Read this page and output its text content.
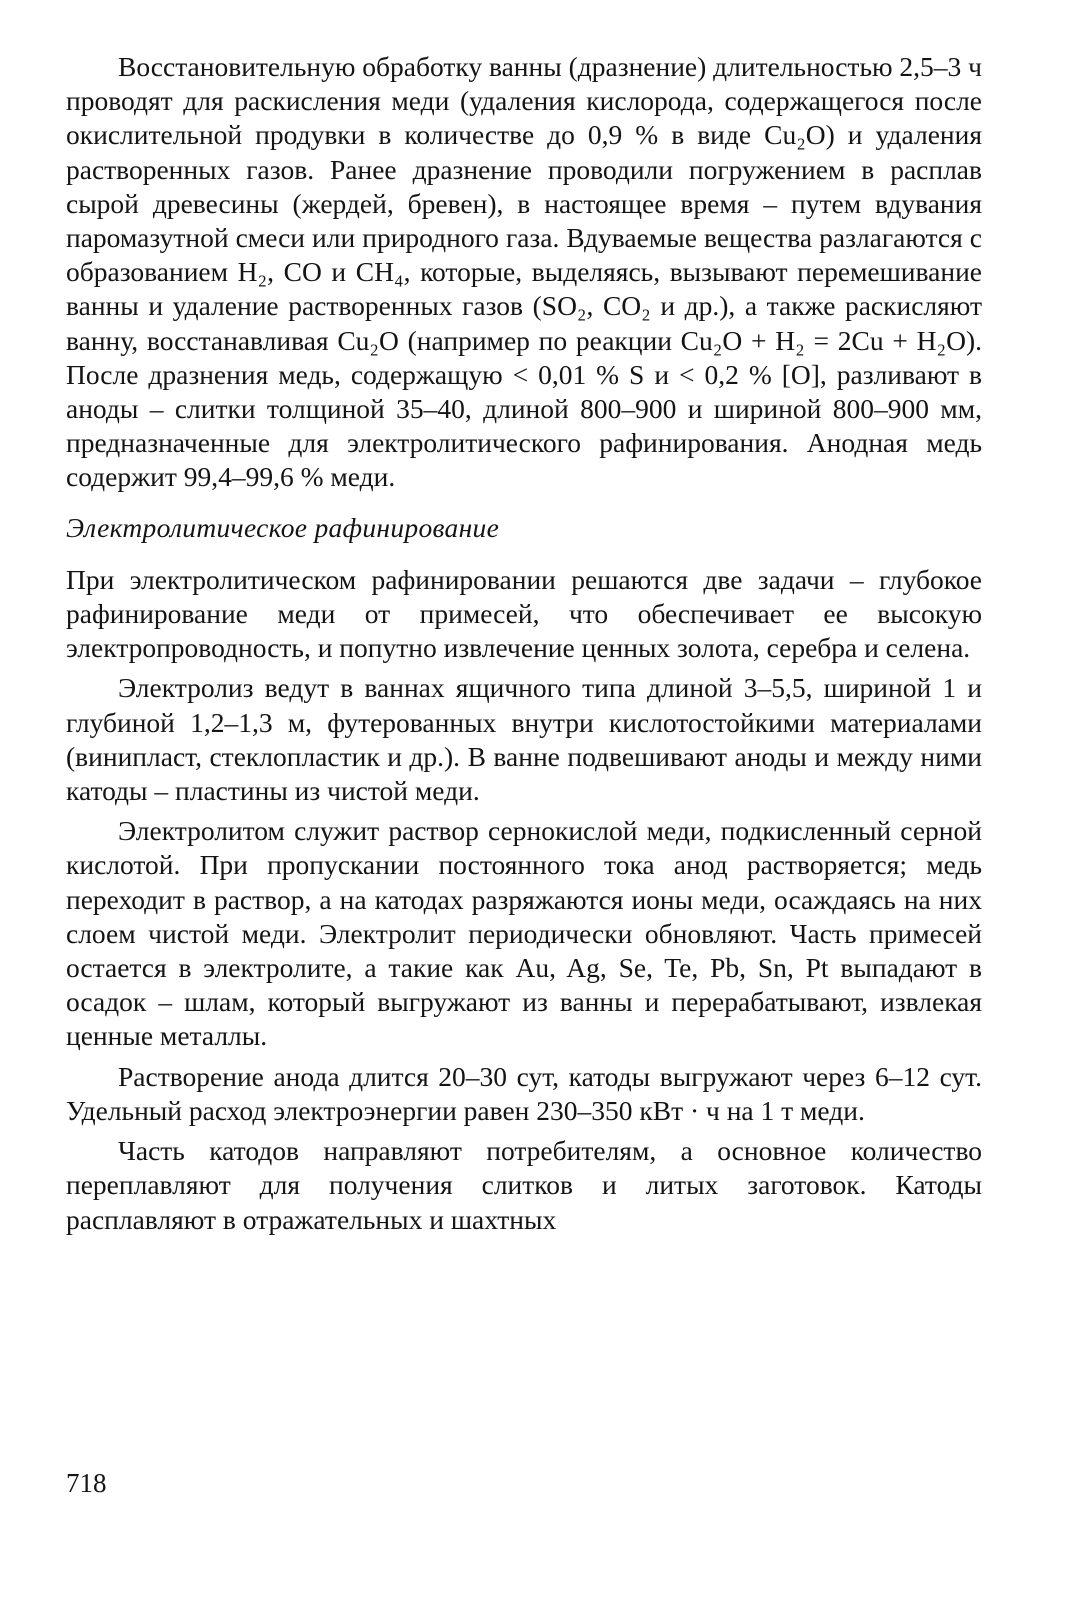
Восстановительную обработку ванны (дразнение) длительностью 2,5–3 ч проводят для раскисления меди (удаления кислорода, содержащегося после окислительной продувки в количестве до 0,9 % в виде Cu₂O) и удаления растворенных газов. Ранее дразнение проводили погружением в расплав сырой древесины (жердей, бревен), в настоящее время – путем вдувания паромазутной смеси или природного газа. Вдуваемые вещества разлагаются с образованием H₂, CO и CH₄, которые, выделяясь, вызывают перемешивание ванны и удаление растворенных газов (SO₂, CO₂ и др.), а также раскисляют ванну, восстанавливая Cu₂O (например по реакции Cu₂O + H₂ = 2Cu + H₂O). После дразнения медь, содержащую < 0,01 % S и < 0,2 % [O], разливают в аноды – слитки толщиной 35–40, длиной 800–900 и шириной 800–900 мм, предназначенные для электролитического рафинирования. Анодная медь содержит 99,4–99,6 % меди.

Электролитическое рафинирование

При электролитическом рафинировании решаются две задачи – глубокое рафинирование меди от примесей, что обеспечивает ее высокую электропроводность, и попутно извлечение ценных золота, серебра и селена.

Электролиз ведут в ваннах ящичного типа длиной 3–5,5, шириной 1 и глубиной 1,2–1,3 м, футерованных внутри кислотостойкими материалами (винипласт, стеклопластик и др.). В ванне подвешивают аноды и между ними катоды – пластины из чистой меди.

Электролитом служит раствор сернокислой меди, подкисленный серной кислотой. При пропускании постоянного тока анод растворяется; медь переходит в раствор, а на катодах разряжаются ионы меди, осаждаясь на них слоем чистой меди. Электролит периодически обновляют. Часть примесей остается в электролите, а такие как Au, Ag, Se, Te, Pb, Sn, Pt выпадают в осадок – шлам, который выгружают из ванны и перерабатывают, извлекая ценные металлы.

Растворение анода длится 20–30 сут, катоды выгружают через 6–12 сут. Удельный расход электроэнергии равен 230–350 кВт · ч на 1 т меди.

Часть катодов направляют потребителям, а основное количество переплавляют для получения слитков и литых заготовок. Катоды расплавляют в отражательных и шахтных

718
